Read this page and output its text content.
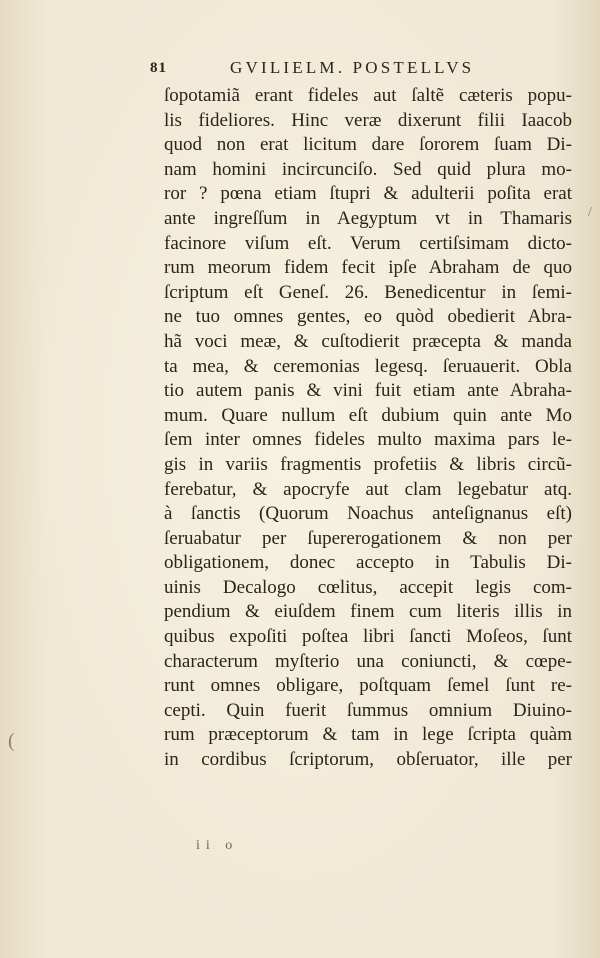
81	GVILIELM. POSTELLVS
ſopotamiã erant fideles aut ſaltẽ cæteris popu-
lis fideliores. Hinc veræ dixerunt filii Iaacob
quod non erat licitum dare ſororem ſuam Di-
nam homini incircunciſo. Sed quid plura mo-
ror ? pœna etiam ſtupri & adulterii poſita erat
ante ingreſſum in Aegyptum vt in Thamaris
facinore viſum eſt. Verum certiſsimam dicto-
rum meorum fidem fecit ipſe Abraham de quo
ſcriptum eſt Geneſ. 26. Benedicentur in ſemi-
ne tuo omnes gentes, eo quòd obedierit Abra-
hã voci meæ, & cuſtodierit præcepta & manda
ta mea, & ceremonias legesq. ſeruauerit. Obla
tio autem panis & vini fuit etiam ante Abraha-
mum. Quare nullum eſt dubium quin ante Mo
ſem inter omnes fideles multo maxima pars le-
gis in variis fragmentis profetiis & libris circũ-
ferebatur, & apocryfe aut clam legebatur atq.
à ſanctis (Quorum Noachus anteſignanus eſt)
ſeruabatur per ſupererogationem & non per
obligationem, donec accepto in Tabulis Di-
uinis Decalogo cœlitus, accepit legis com-
pendium & eiuſdem finem cum literis illis in
quibus expoſiti poſtea libri ſancti Moſeos, ſunt
characterum myſterio una coniuncti, & cœpe-
runt omnes obligare, poſtquam ſemel ſunt re-
cepti. Quin fuerit ſummus omnium Diuino-
rum præceptorum & tam in lege ſcripta quàm
in cordibus ſcriptorum, obſeruator, ille per
ii o
(
/
